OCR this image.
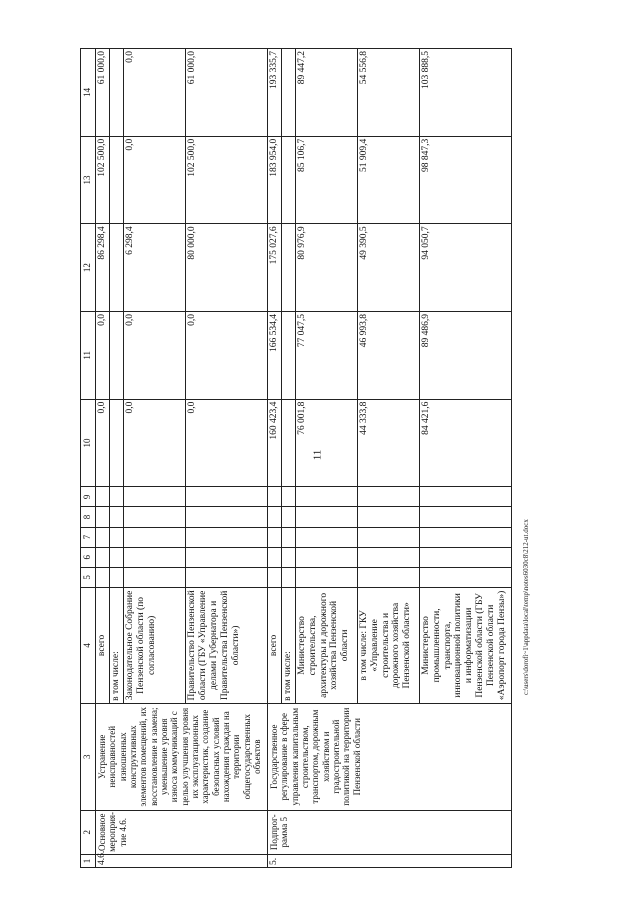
11
1	2	3	4	5	6	7	8	9	10	11	12	13	14
4.6.	Основное мероприя-тие 4.6.	Устранение неисправностей изношенных конструктивных элементов помещений, их восстановление и замена; уменьшение уровня износа коммуникаций с целью улучшения уровня их эксплуатационных характеристик, создание безопасных условий нахождения граждан на территории общегосударственных объектов	всего						0,0	0,0	86 298,4	102 500,0	61 000,0
			в том числе:										
			Законодательное Собрание Пензенской области (по согласованию)						0,0	0,0	6 298,4	0,0	0,0
			Правительство Пензенской области (ГБУ «Управление делами Губернатора и Правительства Пензенской области»)						0,0	0,0	80 000,0	102 500,0	61 000,0
5.	Подпрог-рамма 5	Государственное регулирование в сфере управления капитальным строительством, транспортом, дорожным хозяйством и градостроительной политикой на территории Пензенской области	всего						160 423,4	166 534,4	175 027,6	183 954,0	193 335,7
			в том числе:										
			Министерство строительства, архитектуры и дорожного хозяйства Пензенской области						76 001,8	77 047,5	80 976,9	85 106,7	89 447,2
			в том числе: ГКУ «Управление строительства и дорожного хозяйства Пензенской области»						44 333,8	46 993,8	49 390,5	51 909,4	54 556,8
			Министерство промышленности, транспорта, инновационной политики и информатизации Пензенской области (ГБУ Пензенской области «Аэропорт города Пензы»)						84 421,6	89 486,9	94 050,7	98 847,3	103 888,5
c:\users\dorofi~1\appdata\local\temp\notes6030c8\212-ut.docx
